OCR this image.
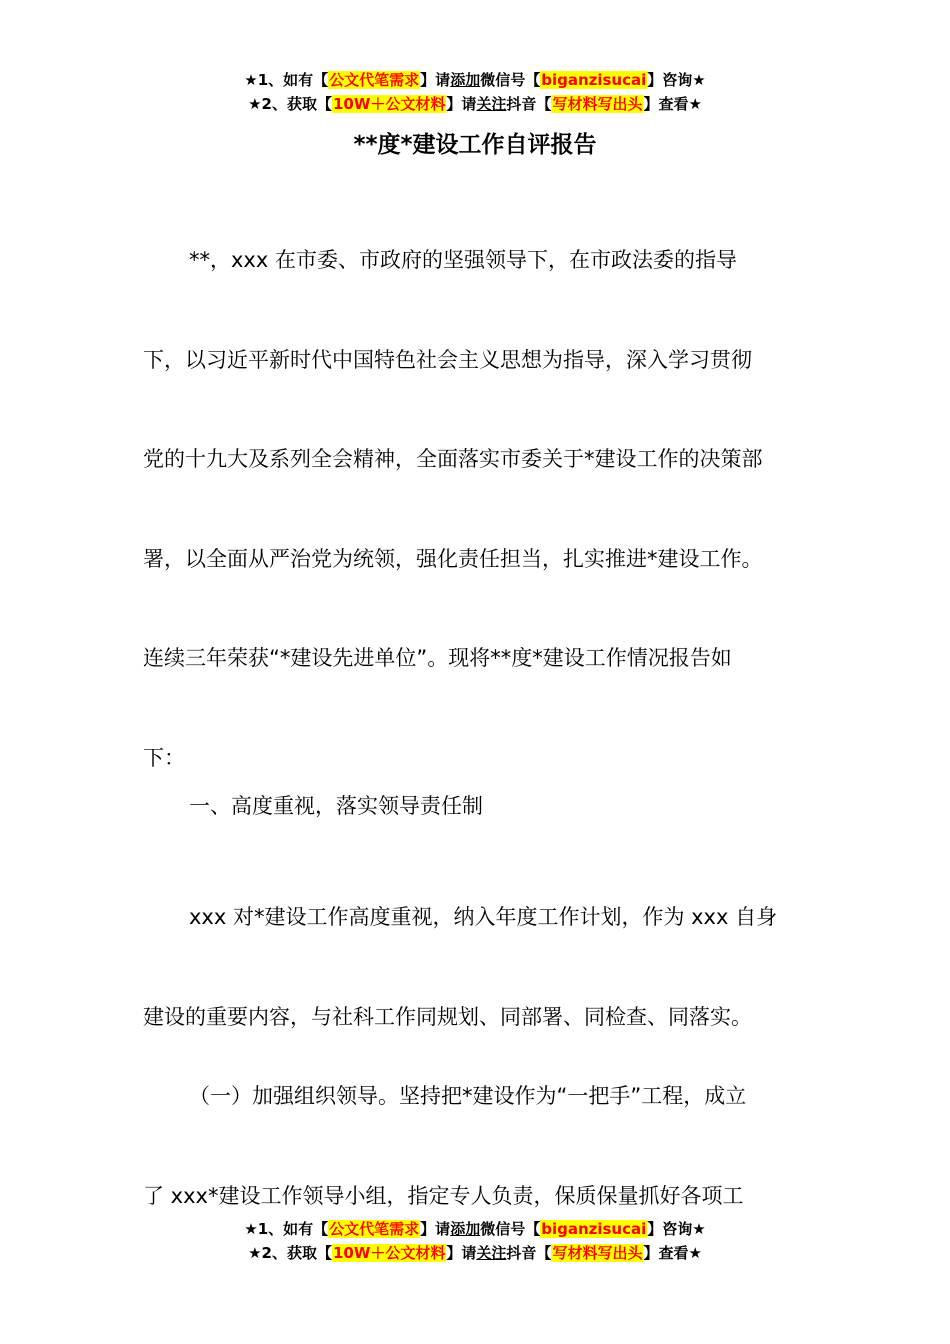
★1、如有【公文代笔需求】请添加微信号【biganzisucai】咨询★
★2、获取【10W＋公文材料】请关注抖音【写材料写出头】查看★
**度*建设工作自评报告
**，xxx 在市委、市政府的坚强领导下，在市政法委的指导
下，以习近平新时代中国特色社会主义思想为指导，深入学习贯彻
党的十九大及系列全会精神，全面落实市委关于*建设工作的决策部
署，以全面从严治党为统领，强化责任担当，扎实推进*建设工作。
连续三年荣获“*建设先进单位”。现将**度*建设工作情况报告如
下：
一、高度重视，落实领导责任制
xxx 对*建设工作高度重视，纳入年度工作计划，作为 xxx 自身
建设的重要内容，与社科工作同规划、同部署、同检查、同落实。
（一）加强组织领导。坚持把*建设作为“一把手”工程，成立
了 xxx*建设工作领导小组，指定专人负责，保质保量抓好各项工
★1、如有【公文代笔需求】请添加微信号【biganzisucai】咨询★
★2、获取【10W＋公文材料】请关注抖音【写材料写出头】查看★
